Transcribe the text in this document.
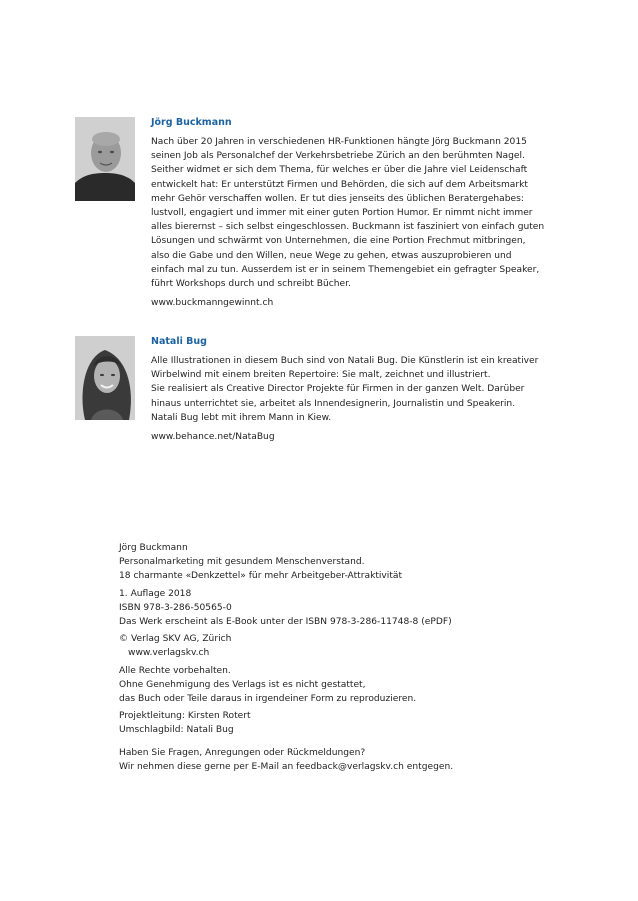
Jörg Buckmann

Nach über 20 Jahren in verschiedenen HR-Funktionen hängte Jörg Buckmann 2015
seinen Job als Personalchef der Verkehrsbetriebe Zürich an den berühmten Nagel.
Seither widmet er sich dem Thema, für welches er über die Jahre viel Leidenschaft
entwickelt hat: Er unterstützt Firmen und Behörden, die sich auf dem Arbeitsmarkt
mehr Gehör verschaffen wollen. Er tut dies jenseits des üblichen Beratergehabes:
lustvoll, engagiert und immer mit einer guten Portion Humor. Er nimmt nicht immer
alles bierernst – sich selbst eingeschlossen. Buckmann ist fasziniert von einfach guten
Lösungen und schwärmt von Unternehmen, die eine Portion Frechmut mitbringen,
also die Gabe und den Willen, neue Wege zu gehen, etwas auszuprobieren und
einfach mal zu tun. Ausserdem ist er in seinem Themengebiet ein gefragter Speaker,
führt Workshops durch und schreibt Bücher.

www.buckmanngewinnt.ch

Natali Bug

Alle Illustrationen in diesem Buch sind von Natali Bug. Die Künstlerin ist ein kreativer
Wirbelwind mit einem breiten Repertoire: Sie malt, zeichnet und illustriert.
Sie realisiert als Creative Director Projekte für Firmen in der ganzen Welt. Darüber
hinaus unterrichtet sie, arbeitet als Innendesignerin, Journalistin und Speakerin.
Natali Bug lebt mit ihrem Mann in Kiew.

www.behance.net/NataBug
Jörg Buckmann
Personalmarketing mit gesundem Menschenverstand.
18 charmante «Denkzettel» für mehr Arbeitgeber-Attraktivität
1. Auflage 2018
ISBN 978-3-286-50565-0
Das Werk erscheint als E-Book unter der ISBN 978-3-286-11748-8 (ePDF)
© Verlag SKV AG, Zürich
www.verlagskv.ch
Alle Rechte vorbehalten.
Ohne Genehmigung des Verlags ist es nicht gestattet,
das Buch oder Teile daraus in irgendeiner Form zu reproduzieren.
Projektleitung: Kirsten Rotert
Umschlagbild: Natali Bug
Haben Sie Fragen, Anregungen oder Rückmeldungen?
Wir nehmen diese gerne per E-Mail an feedback@verlagskv.ch entgegen.
